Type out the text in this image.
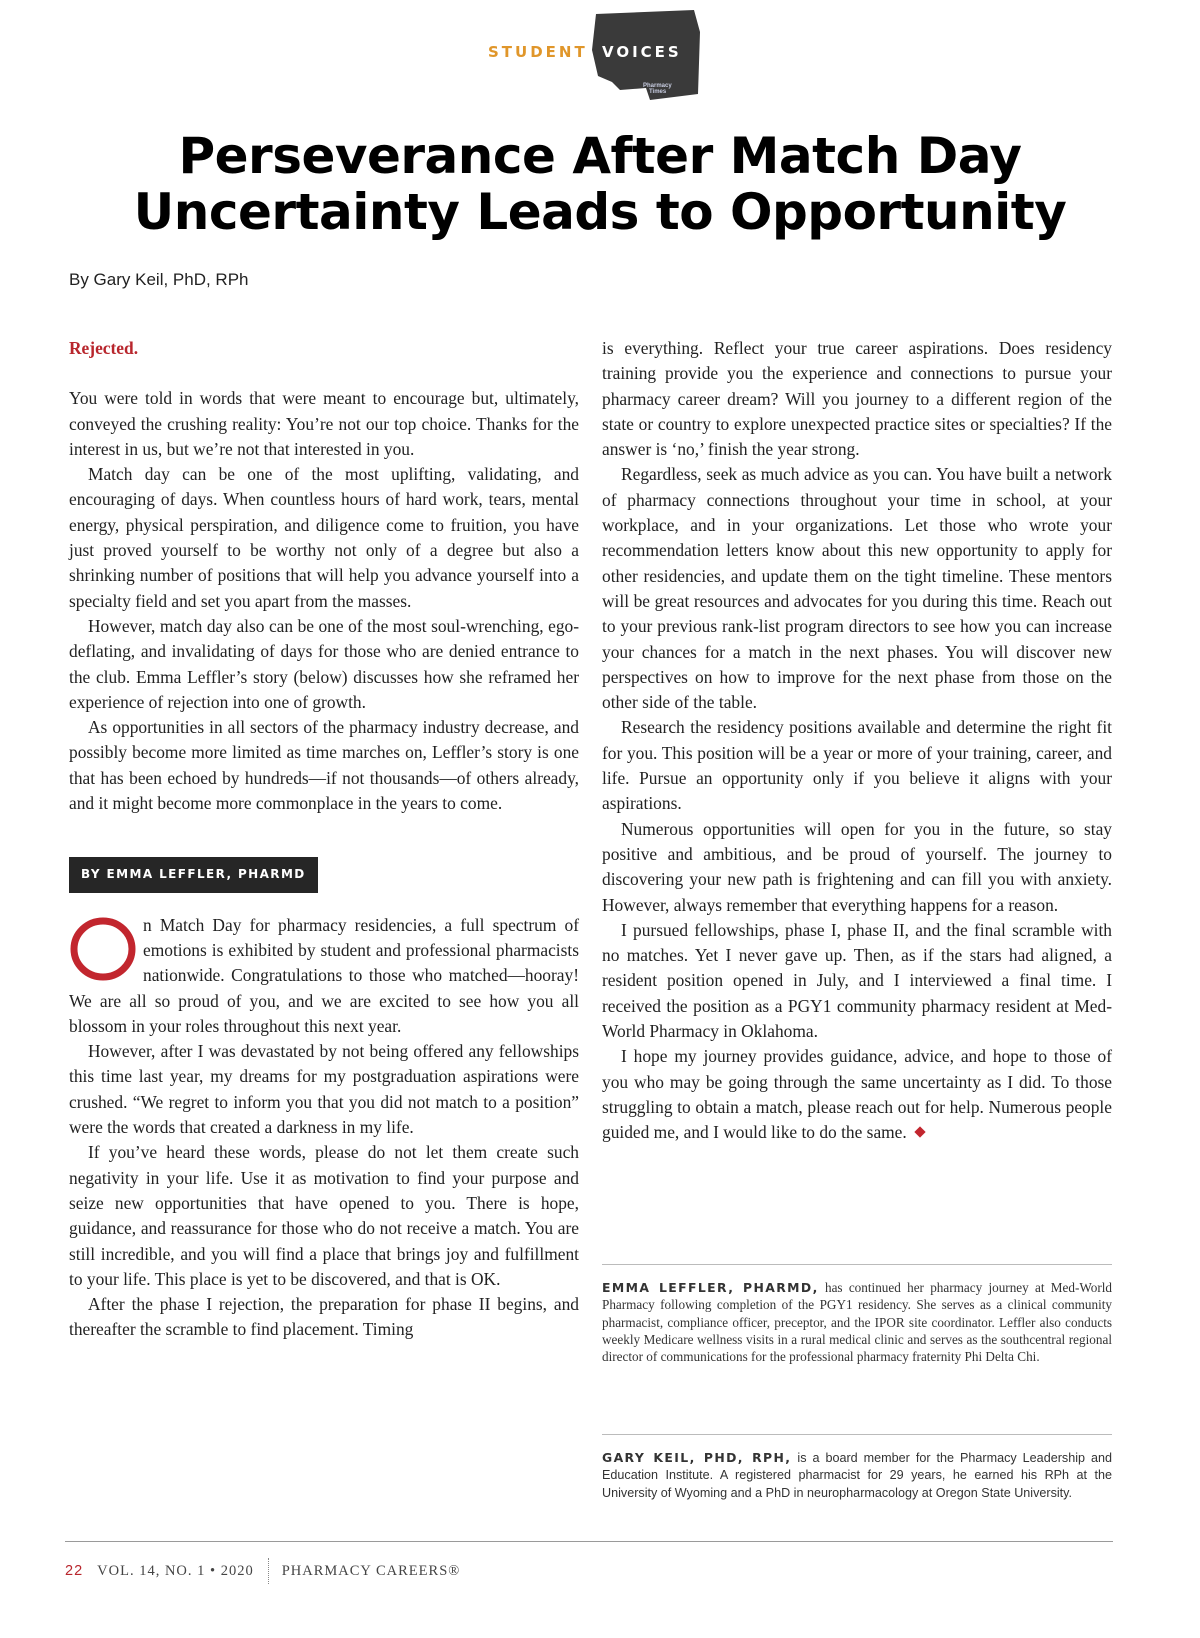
STUDENT VOICES
Pharmacy
Times
Perseverance After Match Day
Uncertainty Leads to Opportunity
By Gary Keil, PhD, RPh

Rejected.

You were told in words that were meant to encourage but, ultimately, conveyed the crushing reality: You’re not our top choice. Thanks for the interest in us, but we’re not that interested in you.

Match day can be one of the most uplifting, validating, and encouraging of days. When countless hours of hard work, tears, mental energy, physical perspiration, and diligence come to fruition, you have just proved yourself to be worthy not only of a degree but also a shrinking number of positions that will help you advance yourself into a specialty field and set you apart from the masses.

However, match day also can be one of the most soul-wrenching, ego-deflating, and invalidating of days for those who are denied entrance to the club. Emma Leffler’s story (below) discusses how she reframed her experience of rejection into one of growth.

As opportunities in all sectors of the pharmacy industry decrease, and possibly become more limited as time marches on, Leffler’s story is one that has been echoed by hundreds—if not thousands—of others already, and it might become more commonplace in the years to come.

BY EMMA LEFFLER, PHARMD

n Match Day for pharmacy residencies, a full spectrum of emotions is exhibited by student and professional pharmacists nationwide. Congratulations to those who matched—hooray! We are all so proud of you, and we are excited to see how you all blossom in your roles throughout this next year.

However, after I was devastated by not being offered any fellowships this time last year, my dreams for my postgraduation aspirations were crushed. “We regret to inform you that you did not match to a position” were the words that created a darkness in my life.

If you’ve heard these words, please do not let them create such negativity in your life. Use it as motivation to find your purpose and seize new opportunities that have opened to you. There is hope, guidance, and reassurance for those who do not receive a match. You are still incredible, and you will find a place that brings joy and fulfillment to your life. This place is yet to be discovered, and that is OK.

After the phase I rejection, the preparation for phase II begins, and thereafter the scramble to find placement. Timing

is everything. Reflect your true career aspirations. Does residency training provide you the experience and connections to pursue your pharmacy career dream? Will you journey to a different region of the state or country to explore unexpected practice sites or specialties? If the answer is ‘no,’ finish the year strong.

Regardless, seek as much advice as you can. You have built a network of pharmacy connections throughout your time in school, at your workplace, and in your organizations. Let those who wrote your recommendation letters know about this new opportunity to apply for other residencies, and update them on the tight timeline. These mentors will be great resources and advocates for you during this time. Reach out to your previous rank-list program directors to see how you can increase your chances for a match in the next phases. You will discover new perspectives on how to improve for the next phase from those on the other side of the table.

Research the residency positions available and determine the right fit for you. This position will be a year or more of your training, career, and life. Pursue an opportunity only if you believe it aligns with your aspirations.

Numerous opportunities will open for you in the future, so stay positive and ambitious, and be proud of yourself. The journey to discovering your new path is frightening and can fill you with anxiety. However, always remember that everything happens for a reason.

I pursued fellowships, phase I, phase II, and the final scramble with no matches. Yet I never gave up. Then, as if the stars had aligned, a resident position opened in July, and I interviewed a final time. I received the position as a PGY1 community pharmacy resident at Med-World Pharmacy in Oklahoma.

I hope my journey provides guidance, advice, and hope to those of you who may be going through the same uncertainty as I did. To those struggling to obtain a match, please reach out for help. Numerous people guided me, and I would like to do the same.

EMMA LEFFLER, PHARMD, has continued her pharmacy journey at Med-World Pharmacy following completion of the PGY1 residency. She serves as a clinical community pharmacist, compliance officer, preceptor, and the IPOR site coordinator. Leffler also conducts weekly Medicare wellness visits in a rural medical clinic and serves as the southcentral regional director of communications for the professional pharmacy fraternity Phi Delta Chi.
GARY KEIL, PHD, RPH, is a board member for the Pharmacy Leadership and Education Institute. A registered pharmacist for 29 years, he earned his RPh at the University of Wyoming and a PhD in neuropharmacology at Oregon State University.
22 VOL. 14, NO. 1 • 2020 PHARMACY CAREERS®
